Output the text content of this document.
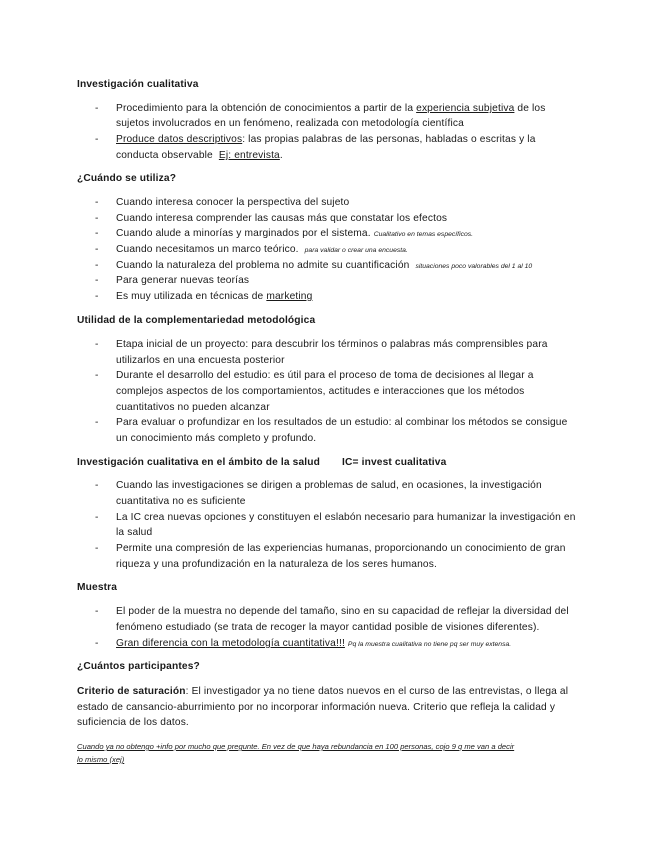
Investigación cualitativa
- Procedimiento para la obtención de conocimientos a partir de la experiencia subjetiva de los
sujetos involucrados en un fenómeno, realizada con metodología científica
- Produce datos descriptivos: las propias palabras de las personas, habladas o escritas y la
conducta observable Ej: entrevista.
¿Cuándo se utiliza?
- Cuando interesa conocer la perspectiva del sujeto
- Cuando interesa comprender las causas más que constatar los efectos
- Cuando alude a minorías y marginados por el sistema. Cualitativo en temas específicos.
- Cuando necesitamos un marco teórico. para validar o crear una encuesta.
- Cuando la naturaleza del problema no admite su cuantificación situaciones poco valorables del 1 al 10
- Para generar nuevas teorías
- Es muy utilizada en técnicas de marketing
Utilidad de la complementariedad metodológica
- Etapa inicial de un proyecto: para descubrir los términos o palabras más comprensibles para
utilizarlos en una encuesta posterior
- Durante el desarrollo del estudio: es útil para el proceso de toma de decisiones al llegar a
complejos aspectos de los comportamientos, actitudes e interacciones que los métodos
cuantitativos no pueden alcanzar
- Para evaluar o profundizar en los resultados de un estudio: al combinar los métodos se consigue
un conocimiento más completo y profundo.
Investigación cualitativa en el ámbito de la salud IC= invest cualitativa
- Cuando las investigaciones se dirigen a problemas de salud, en ocasiones, la investigación
cuantitativa no es suficiente
- La IC crea nuevas opciones y constituyen el eslabón necesario para humanizar la investigación en
la salud
- Permite una compresión de las experiencias humanas, proporcionando un conocimiento de gran
riqueza y una profundización en la naturaleza de los seres humanos.
Muestra
- El poder de la muestra no depende del tamaño, sino en su capacidad de reflejar la diversidad del
fenómeno estudiado (se trata de recoger la mayor cantidad posible de visiones diferentes).
- Gran diferencia con la metodología cuantitativa!!! Pq la muestra cualitativa no tiene pq ser muy extensa.
¿Cuántos participantes?
Criterio de saturación: El investigador ya no tiene datos nuevos en el curso de las entrevistas, o llega al
estado de cansancio-aburrimiento por no incorporar información nueva. Criterio que refleja la calidad y
suficiencia de los datos.
Cuando ya no obtengo +info por mucho que pregunte. En vez de que haya rebundancia en 100 personas, cojo 9 q me van a decir
lo mismo (xej)
